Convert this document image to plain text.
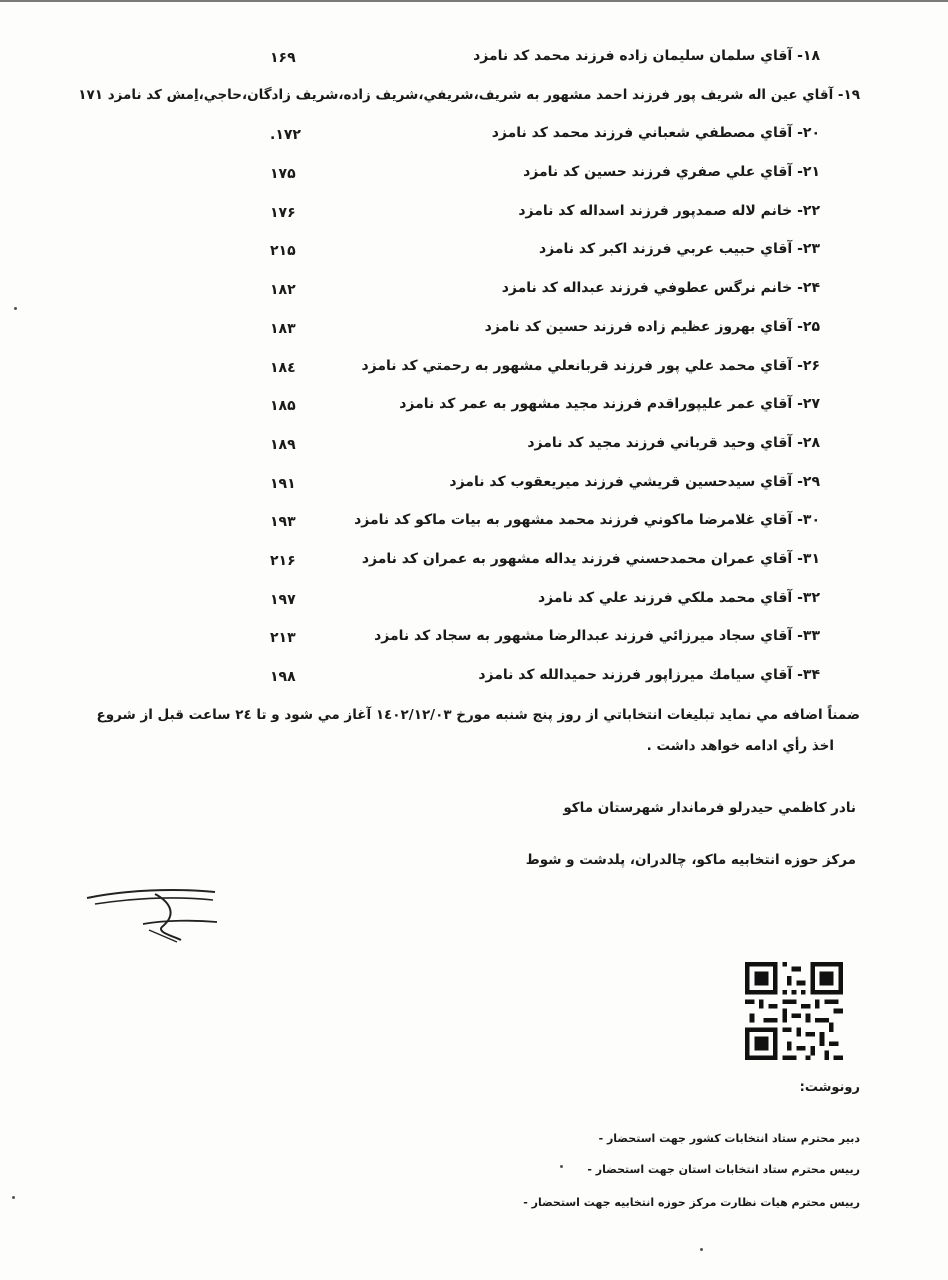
۱۸- آقاي سلمان سليمان زاده فرزند محمد كد نامزد
۱۶۹
۱۹- آقاي عين اله شريف پور فرزند احمد مشهور به شريف،شريفي،شريف زاده،شريف زادگان،حاجي،اِمش كد نامزد ۱۷۱
۲۰- آقاي مصطفي شعباني فرزند محمد كد نامزد
۱۷۲.
۲۱- آقاي علي صفري فرزند حسين كد نامزد
۱۷۵
۲۲- خانم لاله صمدپور فرزند اسداله كد نامزد
۱۷۶
۲۳- آقاي حبيب عربي فرزند اكبر كد نامزد
۲۱۵
۲۴- خانم نرگس عطوفي فرزند عبداله كد نامزد
۱۸۲
۲۵- آقاي بهروز عظيم زاده فرزند حسين كد نامزد
۱۸۳
۲۶- آقاي محمد علي پور فرزند قربانعلي مشهور به رحمتي كد نامزد
۱۸٤
۲۷- آقاي عمر عليپوراقدم فرزند مجيد مشهور به عمر كد نامزد
۱۸۵
۲۸- آقاي وحيد قرباني فرزند مجيد كد نامزد
۱۸۹
۲۹- آقاي سيدحسين قريشي فرزند ميريعقوب كد نامزد
۱۹۱
۳۰- آقاي غلامرضا ماكوني فرزند محمد مشهور به بيات ماكو كد نامزد
۱۹۳
۳۱- آقاي عمران محمدحسني فرزند يداله مشهور به عمران كد نامزد
۲۱۶
۳۲- آقاي محمد ملكي فرزند علي كد نامزد
۱۹۷
۳۳- آقاي سجاد ميرزائي فرزند عبدالرضا مشهور به سجاد كد نامزد
۲۱۳
۳۴- آقاي سيامك ميرزاپور فرزند حميدالله كد نامزد
۱۹۸
ضمناً اضافه مي نمايد تبليغات انتخاباتي از روز پنج شنبه مورخ ۱٤۰۲/۱۲/۰۳ آغاز مي شود و تا ۲٤ ساعت قبل از شروع
اخذ رأي ادامه خواهد داشت .
نادر كاظمي حيدرلو فرماندار شهرستان ماكو
مركز حوزه انتخابيه ماكو، چالدران، پلدشت و شوط
رونوشت:
دبير محترم ستاد انتخابات كشور جهت استحضار -
رييس محترم ستاد انتخابات استان جهت استحضار -
رييس محترم هيات نظارت مركز حوزه انتخابيه جهت استحضار -
